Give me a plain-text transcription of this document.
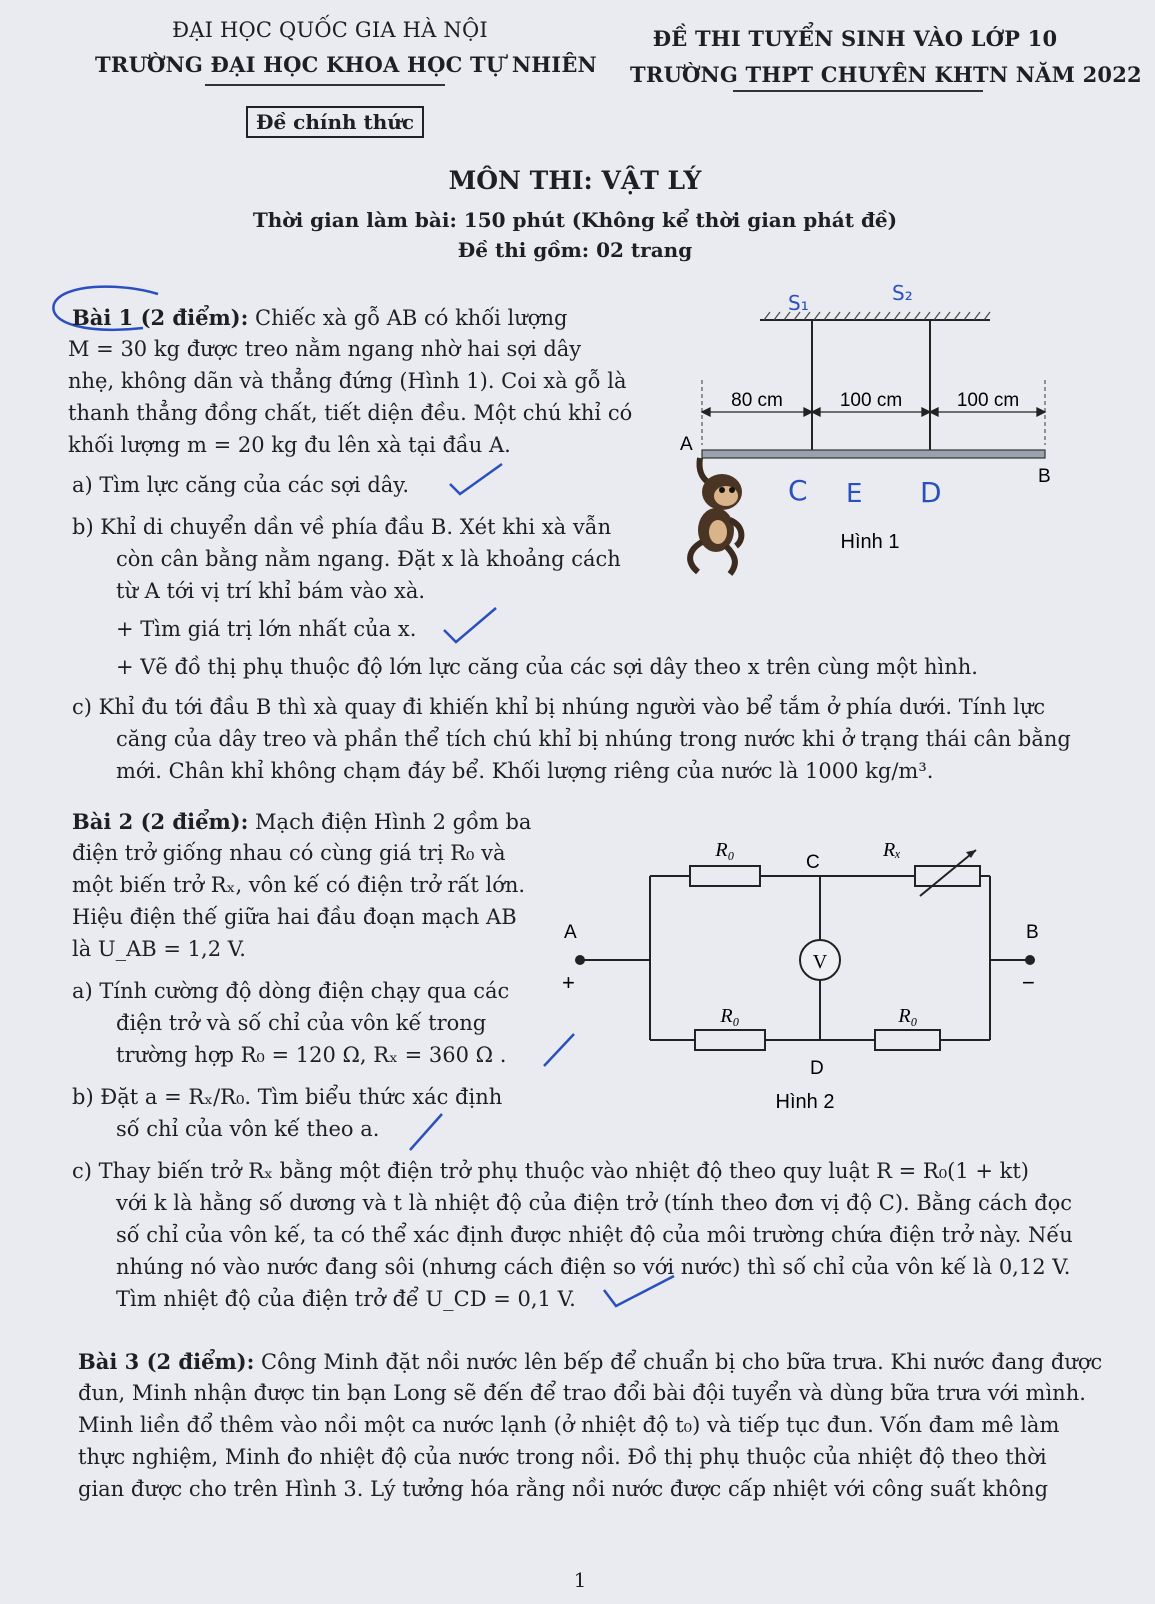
ĐẠI HỌC QUỐC GIA HÀ NỘI
TRƯỜNG ĐẠI HỌC KHOA HỌC TỰ NHIÊN
Đề chính thức
ĐỀ THI TUYỂN SINH VÀO LỚP 10
TRƯỜNG THPT CHUYÊN KHTN NĂM 2022
MÔN THI: VẬT LÝ
Thời gian làm bài: 150 phút (Không kể thời gian phát đề)
Đề thi gồm: 02 trang
Bài 1 (2 điểm): Chiếc xà gỗ AB có khối lượng
M = 30 kg được treo nằm ngang nhờ hai sợi dây
nhẹ, không dãn và thẳng đứng (Hình 1). Coi xà gỗ là
thanh thẳng đồng chất, tiết diện đều. Một chú khỉ có
khối lượng m = 20 kg đu lên xà tại đầu A.
a) Tìm lực căng của các sợi dây.
b) Khỉ di chuyển dần về phía đầu B. Xét khi xà vẫn
còn cân bằng nằm ngang. Đặt x là khoảng cách
từ A tới vị trí khỉ bám vào xà.
+ Tìm giá trị lớn nhất của x.
+ Vẽ đồ thị phụ thuộc độ lớn lực căng của các sợi dây theo x trên cùng một hình.
c) Khỉ đu tới đầu B thì xà quay đi khiến khỉ bị nhúng người vào bể tắm ở phía dưới. Tính lực
căng của dây treo và phần thể tích chú khỉ bị nhúng trong nước khi ở trạng thái cân bằng
mới. Chân khỉ không chạm đáy bể. Khối lượng riêng của nước là 1000 kg/m³.
80 cm	100 cm	100 cm
A
B
C E D
S₁	S₂
Hình 1
Bài 2 (2 điểm): Mạch điện Hình 2 gồm ba
điện trở giống nhau có cùng giá trị R₀ và
một biến trở Rₓ, vôn kế có điện trở rất lớn.
Hiệu điện thế giữa hai đầu đoạn mạch AB
là U_AB = 1,2 V.
a) Tính cường độ dòng điện chạy qua các
điện trở và số chỉ của vôn kế trong
trường hợp R₀ = 120 Ω, Rₓ = 360 Ω .
b) Đặt a = Rₓ/R₀. Tìm biểu thức xác định
số chỉ của vôn kế theo a.
c) Thay biến trở Rₓ bằng một điện trở phụ thuộc vào nhiệt độ theo quy luật R = R₀(1 + kt)
với k là hằng số dương và t là nhiệt độ của điện trở (tính theo đơn vị độ C). Bằng cách đọc
số chỉ của vôn kế, ta có thể xác định được nhiệt độ của môi trường chứa điện trở này. Nếu
nhúng nó vào nước đang sôi (nhưng cách điện so với nước) thì số chỉ của vôn kế là 0,12 V.
Tìm nhiệt độ của điện trở để U_CD = 0,1 V.
V
R₀	Rₓ
R₀	R₀
C
D
A	B
+	−
Hình 2
Bài 3 (2 điểm): Công Minh đặt nồi nước lên bếp để chuẩn bị cho bữa trưa. Khi nước đang được
đun, Minh nhận được tin bạn Long sẽ đến để trao đổi bài đội tuyển và dùng bữa trưa với mình.
Minh liền đổ thêm vào nồi một ca nước lạnh (ở nhiệt độ t₀) và tiếp tục đun. Vốn đam mê làm
thực nghiệm, Minh đo nhiệt độ của nước trong nồi. Đồ thị phụ thuộc của nhiệt độ theo thời
gian được cho trên Hình 3. Lý tưởng hóa rằng nồi nước được cấp nhiệt với công suất không
1
